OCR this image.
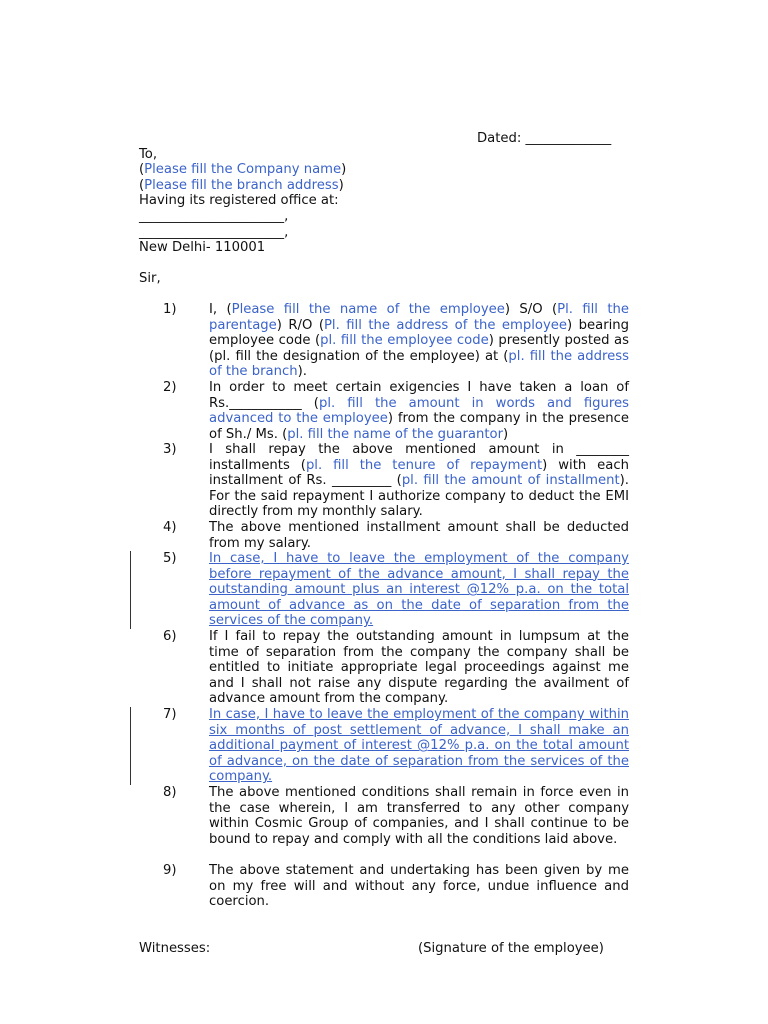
Dated: _____________
To,
(Please fill the Company name)
(Please fill the branch address)
Having its registered office at:
______________________,
______________________,
New Delhi- 110001
Sir,
1)	I, (Please fill the name of the employee) S/O (Pl. fill the parentage) R/O (Pl. fill the address of the employee) bearing employee code (pl. fill the employee code) presently posted as (pl. fill the designation of the employee) at (pl. fill the address of the branch).
2)	In order to meet certain exigencies I have taken a loan of Rs.___________ (pl. fill the amount in words and figures advanced to the employee) from the company in the presence of Sh./ Ms. (pl. fill the name of the guarantor)
3)	I shall repay the above mentioned amount in ________ installments (pl. fill the tenure of repayment) with each installment of Rs. _________ (pl. fill the amount of installment). For the said repayment I authorize company to deduct the EMI directly from my monthly salary.
4)	The above mentioned installment amount shall be deducted from my salary.
5)	In case, I have to leave the employment of the company before repayment of the advance amount, I shall repay the outstanding amount plus an interest @12% p.a. on the total amount of advance as on the date of separation from the services of the company.
6)	If I fail to repay the outstanding amount in lumpsum at the time of separation from the company the company shall be entitled to initiate appropriate legal proceedings against me and I shall not raise any dispute regarding the availment of advance amount from the company.
7)	In case, I have to leave the employment of the company within six months of post settlement of advance, I shall make an additional payment of interest @12% p.a. on the total amount of advance, on the date of separation from the services of the company.
8)	The above mentioned conditions shall remain in force even in the case wherein, I am transferred to any other company within Cosmic Group of companies, and I shall continue to be bound to repay and comply with all the conditions laid above.
9)	The above statement and undertaking has been given by me on my free will and without any force, undue influence and coercion.
Witnesses:	(Signature of the employee)
